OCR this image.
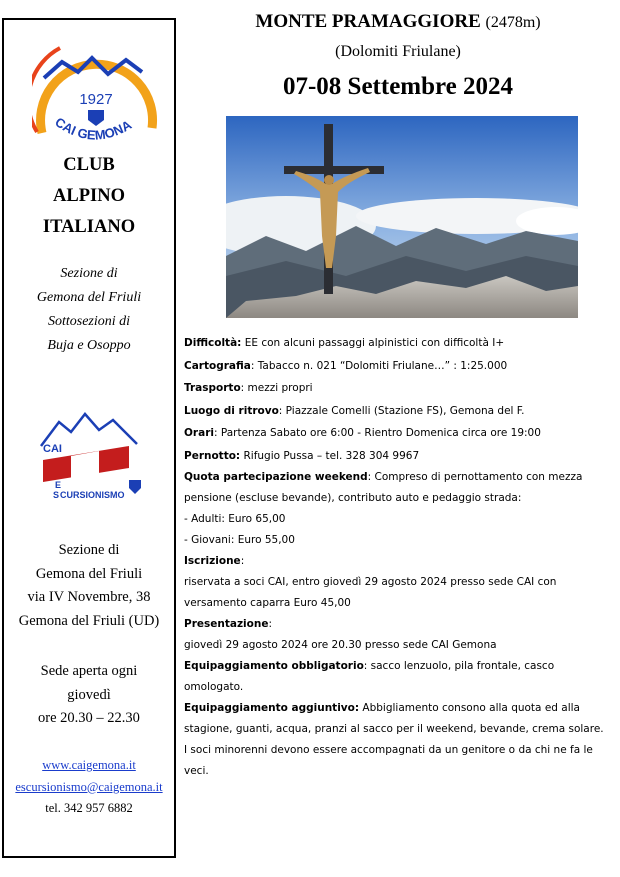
1927
CAI GEMONA
CLUB
ALPINO
ITALIANO
Sezione di
Gemona del Friuli
Sottosezioni di
Buja e Osoppo
CAI
E
S CURSIONISMO
Sezione di
Gemona del Friuli
via IV Novembre, 38
Gemona del Friuli (UD)
Sede aperta ogni
giovedì
ore 20.30 – 22.30
www.caigemona.it
escursionismo@caigemona.it
tel. 342 957 6882
MONTE PRAMAGGIORE (2478m)
(Dolomiti Friulane)
07-08 Settembre 2024

Difficoltà: EE con alcuni passaggi alpinistici con difficoltà I+

Cartografia: Tabacco n. 021 “Dolomiti Friulane…” : 1:25.000

Trasporto: mezzi propri

Luogo di ritrovo: Piazzale Comelli (Stazione FS), Gemona del F.

Orari: Partenza Sabato ore 6:00 - Rientro Domenica circa ore 19:00

Pernotto: Rifugio Pussa – tel. 328 304 9967

Quota partecipazione weekend: Compreso di pernottamento con mezza pensione (escluse bevande), contributo auto e pedaggio strada:

- Adulti: Euro 65,00

- Giovani: Euro 55,00

Iscrizione:

riservata a soci CAI, entro giovedì 29 agosto 2024 presso sede CAI con versamento caparra Euro 45,00

Presentazione:

giovedì 29 agosto 2024 ore 20.30 presso sede CAI Gemona

Equipaggiamento obbligatorio: sacco lenzuolo, pila frontale, casco omologato.

Equipaggiamento aggiuntivo: Abbigliamento consono alla quota ed alla stagione, guanti, acqua, pranzi al sacco per il weekend, bevande, crema solare.

I soci minorenni devono essere accompagnati da un genitore o da chi ne fa le veci.
